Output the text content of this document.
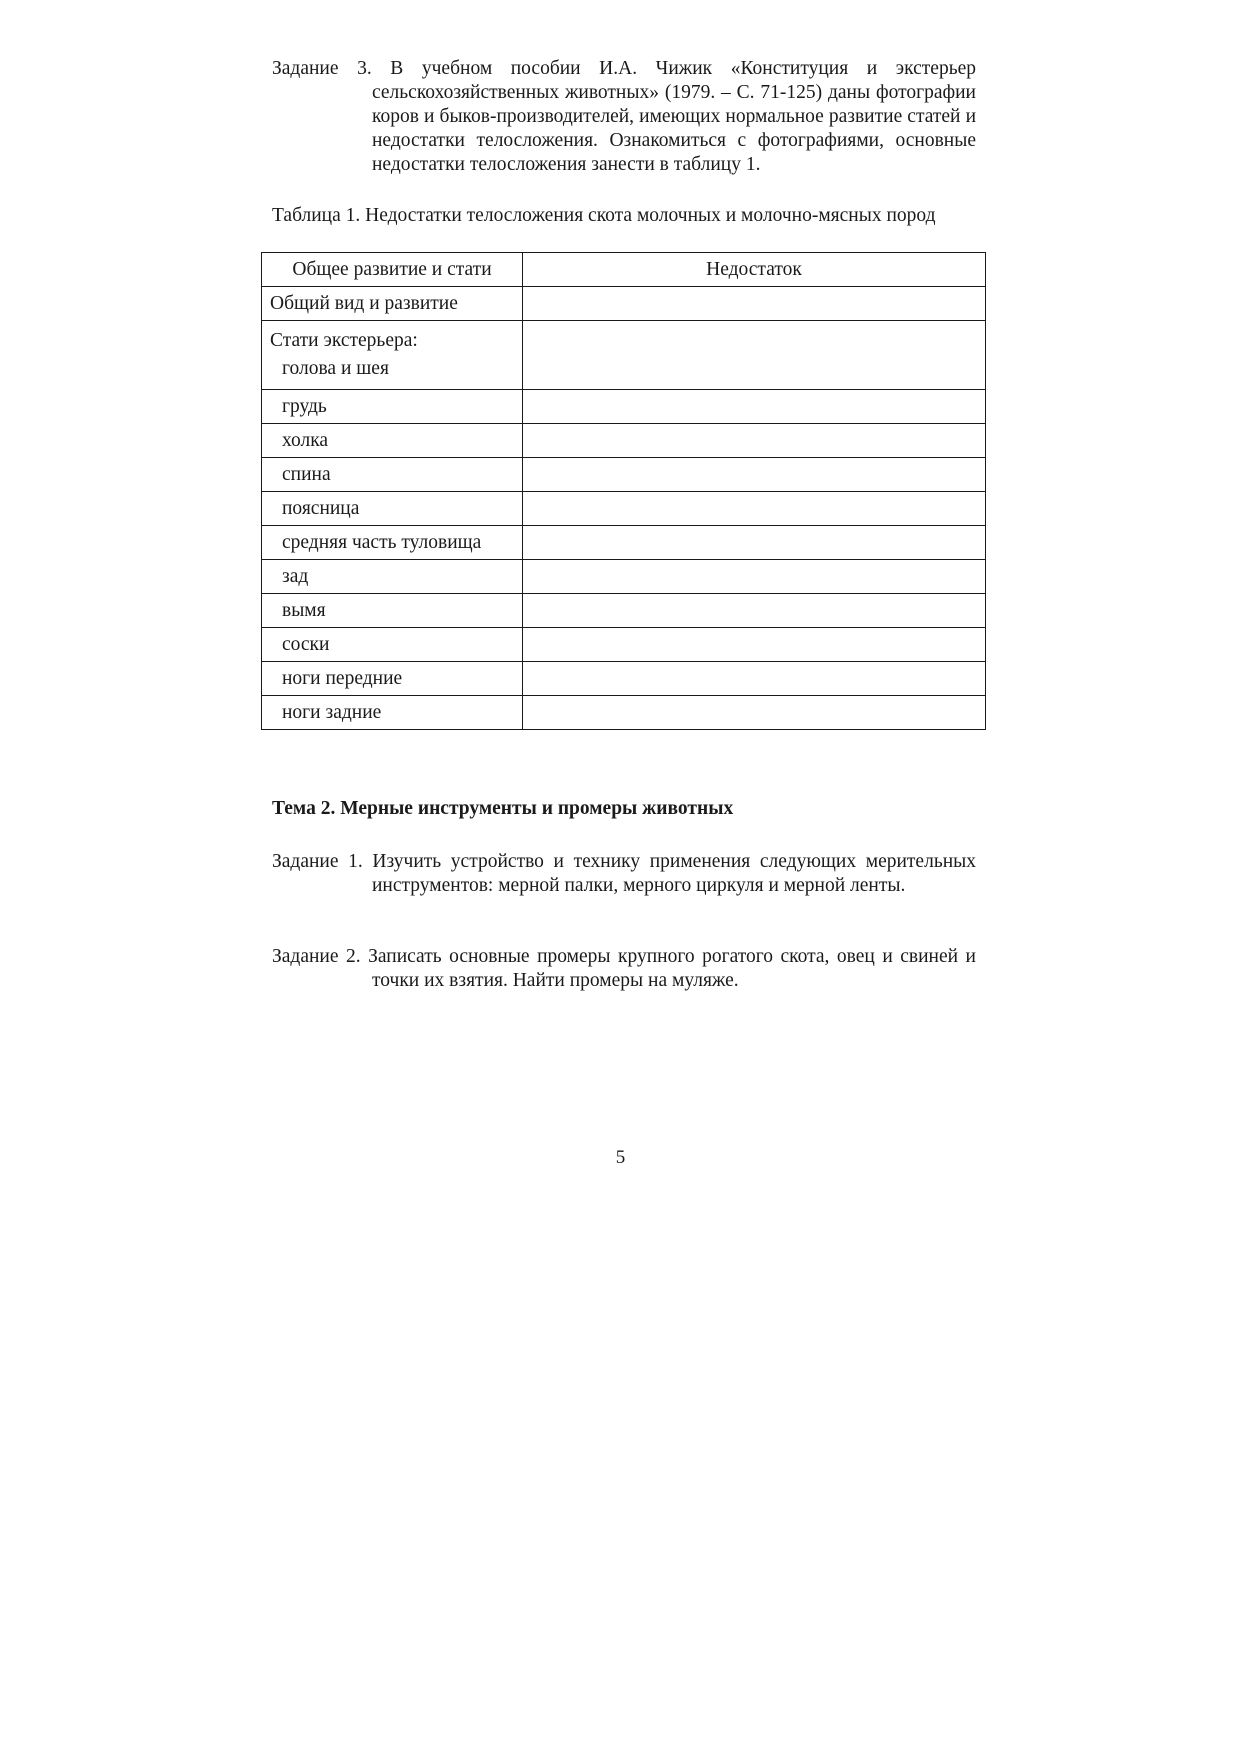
Задание 3. В учебном пособии И.А. Чижик «Конституция и экстерьер сельскохозяйственных животных» (1979. – С. 71-125) даны фотографии коров и быков-производителей, имеющих нормальное развитие статей и недостатки телосложения. Ознакомиться с фотографиями, основные недостатки телосложения занести в таблицу 1.

Таблица 1. Недостатки телосложения скота молочных и молочно-мясных пород
Общее развитие и стати	Недостаток
Общий вид и развитие	

Стати экстерьера:
голова и шея	

грудь	
холка	
спина	
поясница	
средняя часть туловища	
зад	
вымя	
соски	
ноги передние	
ноги задние	
Тема 2. Мерные инструменты и промеры животных

Задание 1. Изучить устройство и технику применения следующих мерительных инструментов: мерной палки, мерного циркуля и мерной ленты.

Задание 2. Записать основные промеры крупного рогатого скота, овец и свиней и точки их взятия. Найти промеры на муляже.

5
